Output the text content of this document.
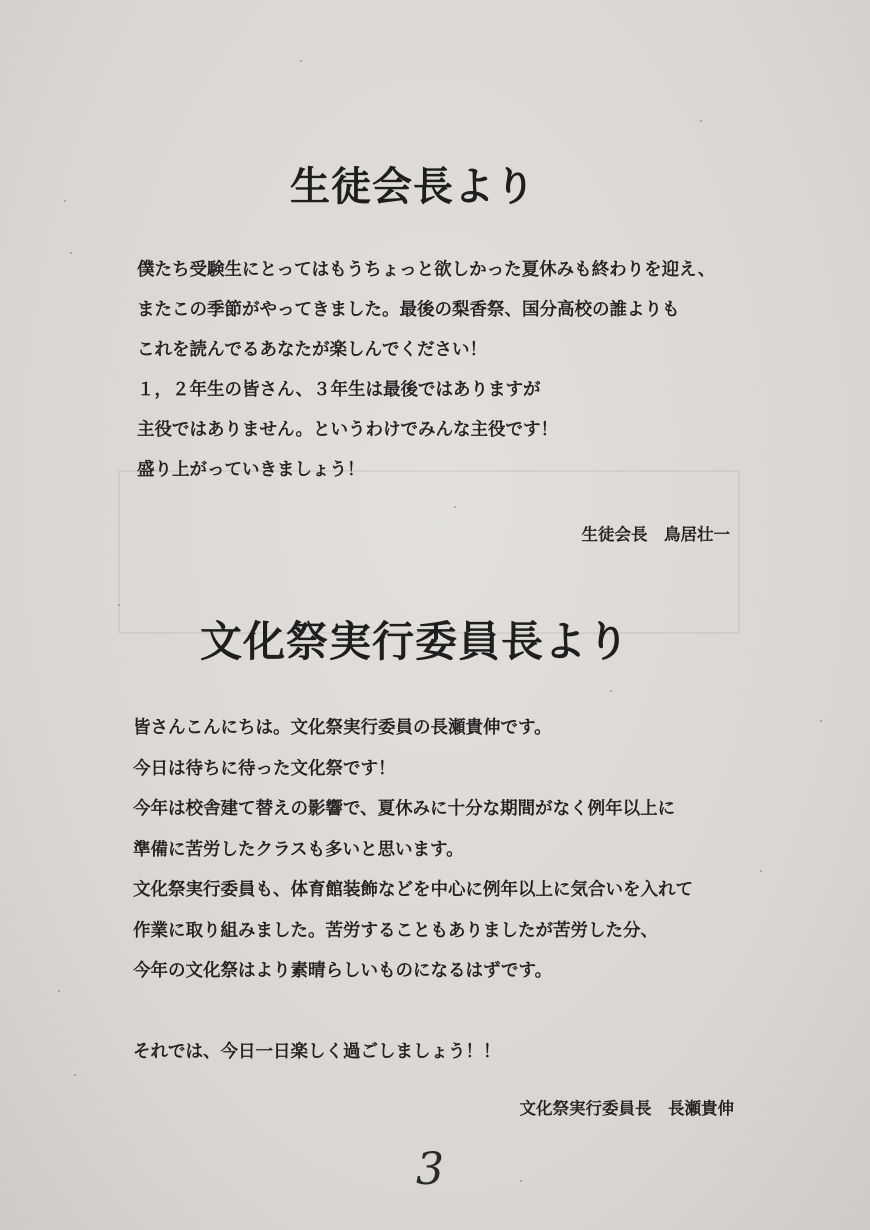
生徒会長より
僕たち受験生にとってはもうちょっと欲しかった夏休みも終わりを迎え、
またこの季節がやってきました。最後の梨香祭、国分高校の誰よりも
これを読んでるあなたが楽しんでください！
１，２年生の皆さん、３年生は最後ではありますが
主役ではありません。というわけでみんな主役です！
盛り上がっていきましょう！

生徒会長　鳥居壮一

文化祭実行委員長より
皆さんこんにちは。文化祭実行委員の長瀬貴伸です。
今日は待ちに待った文化祭です！
今年は校舎建て替えの影響で、夏休みに十分な期間がなく例年以上に
準備に苦労したクラスも多いと思います。
文化祭実行委員も、体育館装飾などを中心に例年以上に気合いを入れて
作業に取り組みました。苦労することもありましたが苦労した分、
今年の文化祭はより素晴らしいものになるはずです。

それでは、今日一日楽しく過ごしましょう！！

文化祭実行委員長　長瀬貴伸

3
